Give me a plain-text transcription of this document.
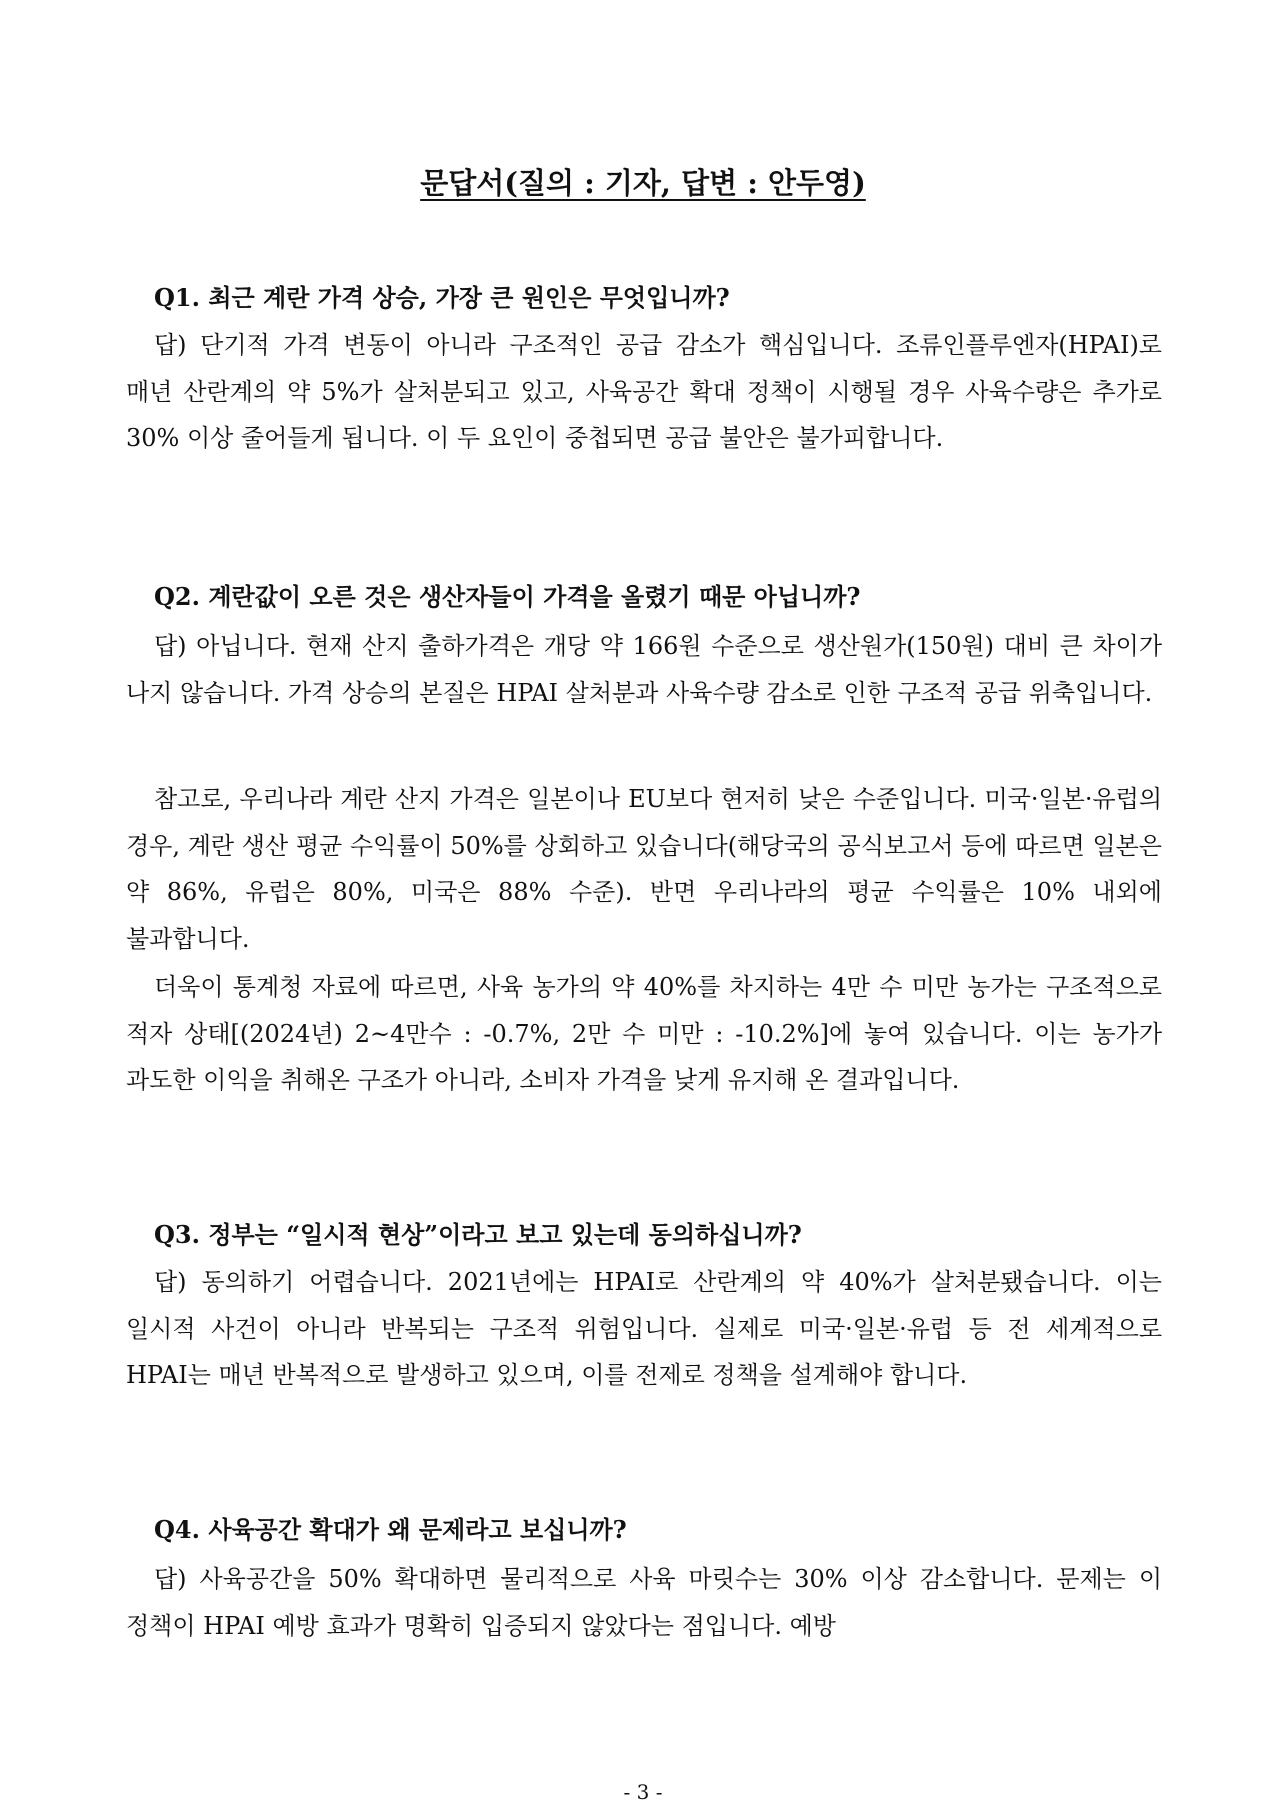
문답서(질의 : 기자, 답변 : 안두영)
Q1. 최근 계란 가격 상승, 가장 큰 원인은 무엇입니까?

답) 단기적 가격 변동이 아니라 구조적인 공급 감소가 핵심입니다. 조류인플루엔자(HPAI)로 매년 산란계의 약 5%가 살처분되고 있고, 사육공간 확대 정책이 시행될 경우 사육수량은 추가로 30% 이상 줄어들게 됩니다. 이 두 요인이 중첩되면 공급 불안은 불가피합니다.

Q2. 계란값이 오른 것은 생산자들이 가격을 올렸기 때문 아닙니까?

답) 아닙니다. 현재 산지 출하가격은 개당 약 166원 수준으로 생산원가(150원) 대비 큰 차이가 나지 않습니다. 가격 상승의 본질은 HPAI 살처분과 사육수량 감소로 인한 구조적 공급 위축입니다.

참고로, 우리나라 계란 산지 가격은 일본이나 EU보다 현저히 낮은 수준입니다. 미국·일본·유럽의 경우, 계란 생산 평균 수익률이 50%를 상회하고 있습니다(해당국의 공식보고서 등에 따르면 일본은 약 86%, 유럽은 80%, 미국은 88% 수준). 반면 우리나라의 평균 수익률은 10% 내외에 불과합니다.

더욱이 통계청 자료에 따르면, 사육 농가의 약 40%를 차지하는 4만 수 미만 농가는 구조적으로 적자 상태[(2024년) 2~4만수 : -0.7%, 2만 수 미만 : -10.2%]에 놓여 있습니다. 이는 농가가 과도한 이익을 취해온 구조가 아니라, 소비자 가격을 낮게 유지해 온 결과입니다.

Q3. 정부는 “일시적 현상”이라고 보고 있는데 동의하십니까?

답) 동의하기 어렵습니다. 2021년에는 HPAI로 산란계의 약 40%가 살처분됐습니다. 이는 일시적 사건이 아니라 반복되는 구조적 위험입니다. 실제로 미국·일본·유럽 등 전 세계적으로 HPAI는 매년 반복적으로 발생하고 있으며, 이를 전제로 정책을 설계해야 합니다.

Q4. 사육공간 확대가 왜 문제라고 보십니까?

답) 사육공간을 50% 확대하면 물리적으로 사육 마릿수는 30% 이상 감소합니다. 문제는 이 정책이 HPAI 예방 효과가 명확히 입증되지 않았다는 점입니다. 예방

- 3 -
